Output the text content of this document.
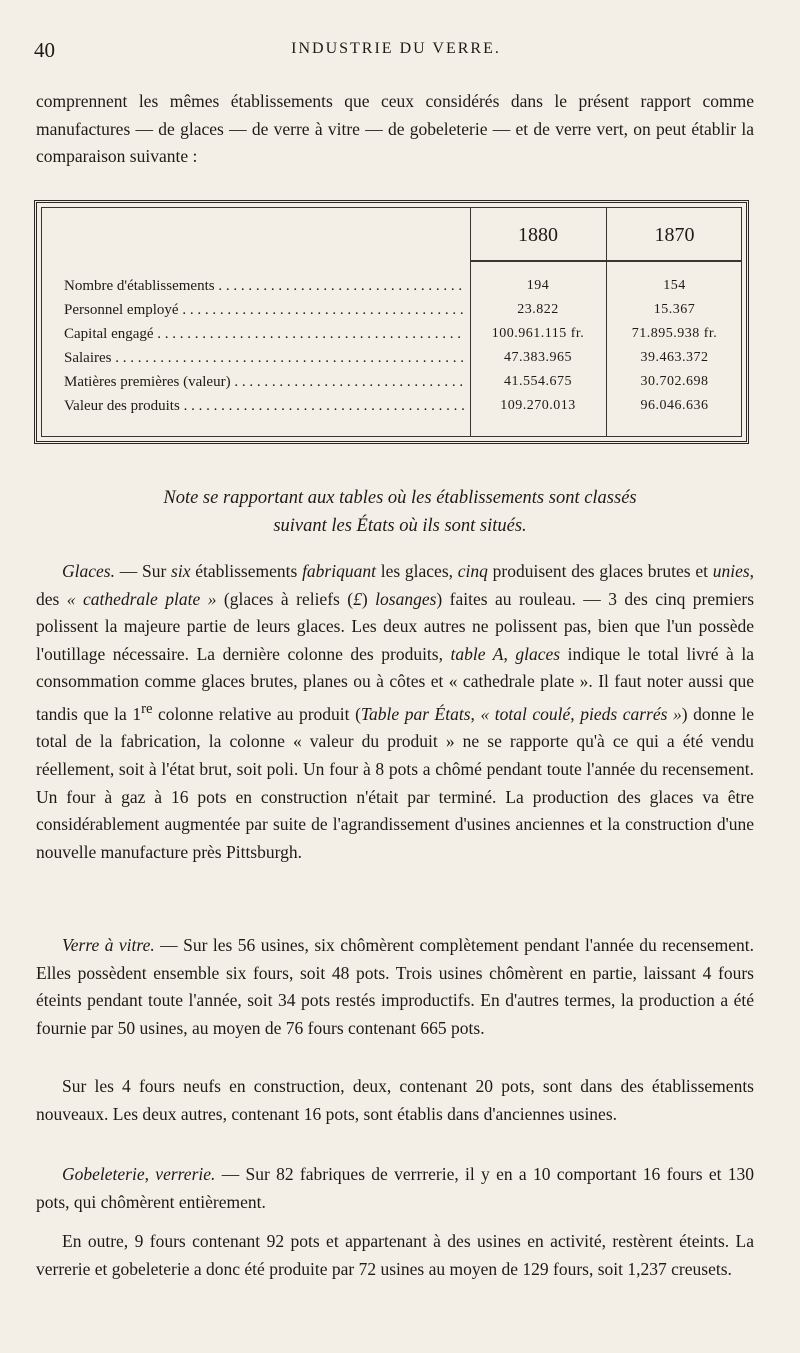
40	INDUSTRIE DU VERRE.

comprennent les mêmes établissements que ceux considérés dans le présent rapport comme manufactures — de glaces — de verre à vitre — de gobeleterie — et de verre vert, on peut établir la comparaison suivante :

1880	1870
Nombre d'établissements . . .	194	154
Personnel employé . . .	23.822	15.367
Capital engagé . . .	100.961.115 fr.	71.895.938 fr.
Salaires . . .	47.383.965	39.463.372
Matières premières (valeur) . . .	41.554.675	30.702.698
Valeur des produits . . .	109.270.013	96.046.636
Note se rapportant aux tables où les établissements sont classés
suivant les États où ils sont situés.

Glaces. — Sur six établissements fabriquant les glaces, cinq produisent des glaces brutes et unies, des « cathedrale plate » (glaces à reliefs (£) losanges) faites au rouleau. — 3 des cinq premiers polissent la majeure partie de leurs glaces. Les deux autres ne polissent pas, bien que l'un possède l'outillage nécessaire. La dernière colonne des produits, table A, glaces indique le total livré à la consommation comme glaces brutes, planes ou à côtes et « cathedrale plate ». Il faut noter aussi que tandis que la 1re colonne relative au produit (Table par États, « total coulé, pieds carrés ») donne le total de la fabrication, la colonne « valeur du produit » ne se rapporte qu'à ce qui a été vendu réellement, soit à l'état brut, soit poli. Un four à 8 pots a chômé pendant toute l'année du recensement. Un four à gaz à 16 pots en construction n'était par terminé. La production des glaces va être considérablement augmentée par suite de l'agrandissement d'usines anciennes et la construction d'une nouvelle manufacture près Pittsburgh.

Verre à vitre. — Sur les 56 usines, six chômèrent complètement pendant l'année du recensement. Elles possèdent ensemble six fours, soit 48 pots. Trois usines chômèrent en partie, laissant 4 fours éteints pendant toute l'année, soit 34 pots restés improductifs. En d'autres termes, la production a été fournie par 50 usines, au moyen de 76 fours contenant 665 pots.

Sur les 4 fours neufs en construction, deux, contenant 20 pots, sont dans des établissements nouveaux. Les deux autres, contenant 16 pots, sont établis dans d'anciennes usines.

Gobeleterie, verrerie. — Sur 82 fabriques de verrrerie, il y en a 10 comportant 16 fours et 130 pots, qui chômèrent entièrement.

En outre, 9 fours contenant 92 pots et appartenant à des usines en activité, restèrent éteints. La verrerie et gobeleterie a donc été produite par 72 usines au moyen de 129 fours, soit 1,237 creusets.
